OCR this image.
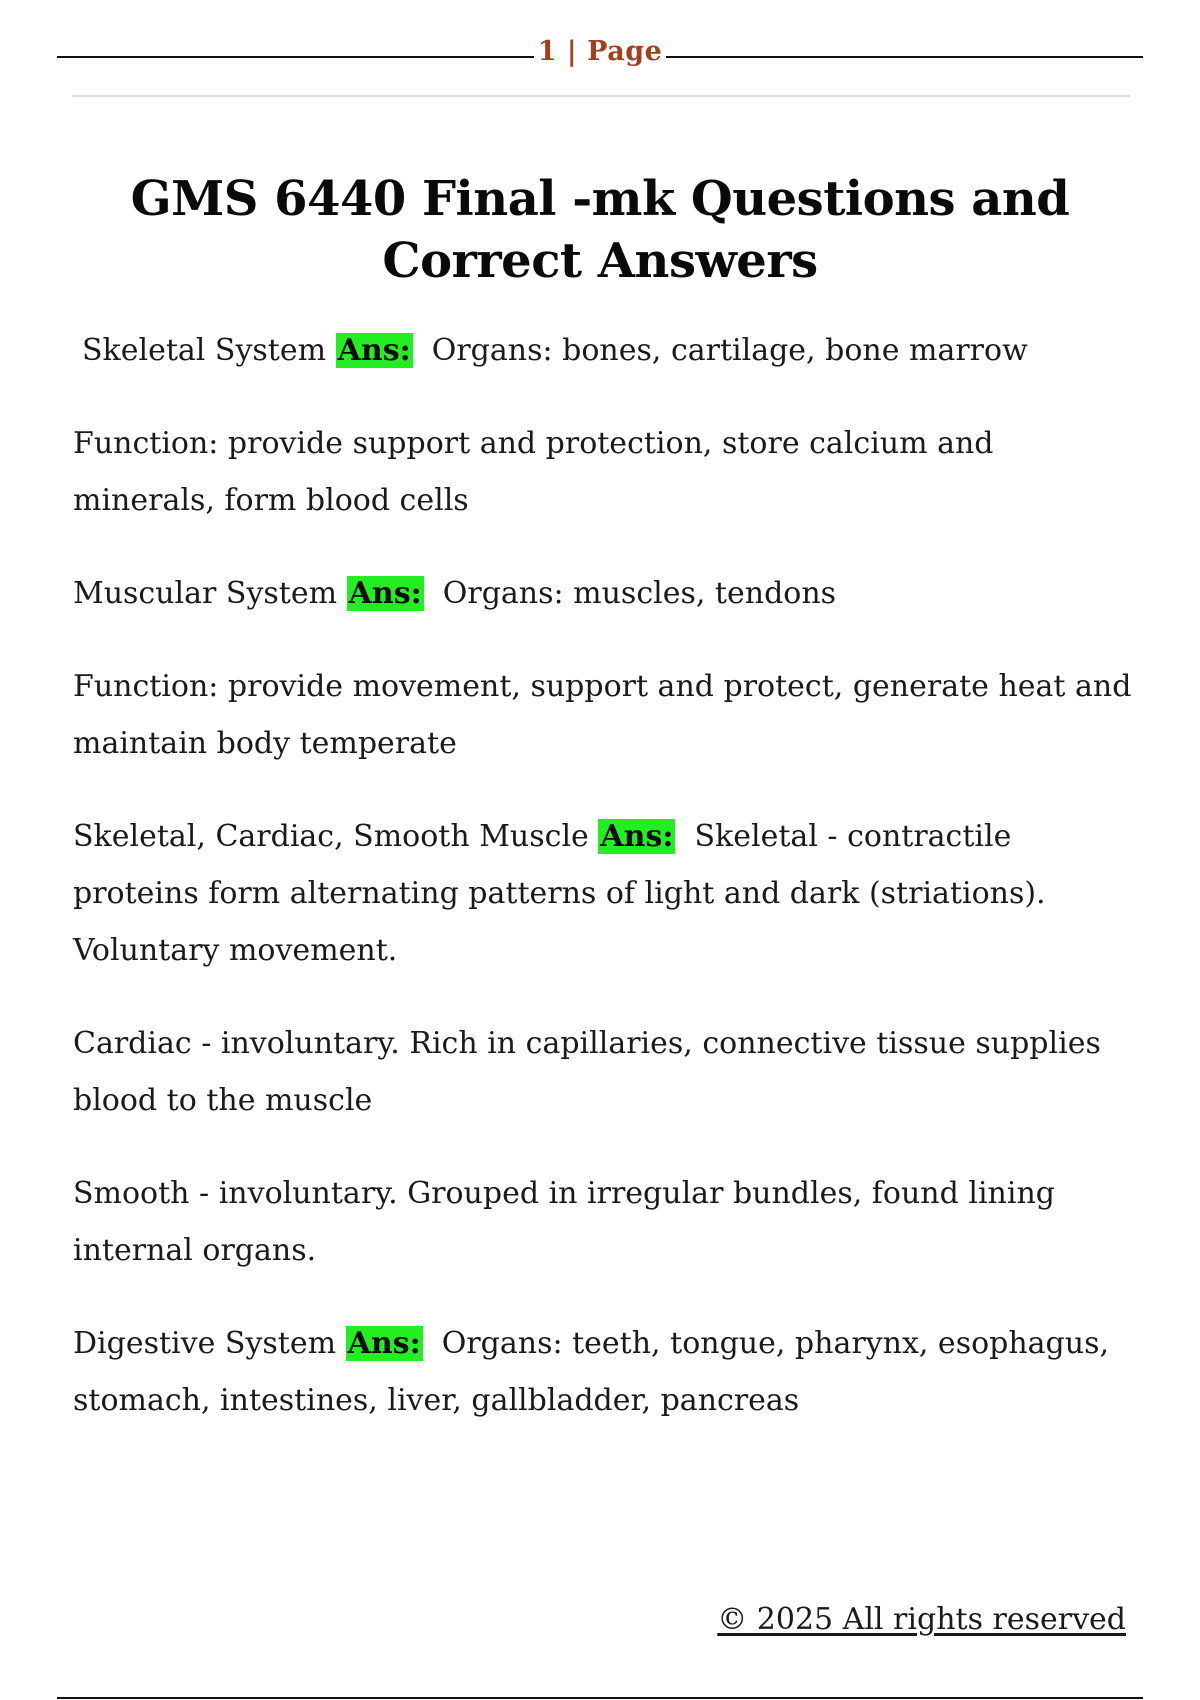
1 | Page
GMS 6440 Final -mk Questions and Correct Answers

Skeletal System Ans: Organs: bones, cartilage, bone marrow

Function: provide support and protection, store calcium and minerals, form blood cells

Muscular System Ans: Organs: muscles, tendons

Function: provide movement, support and protect, generate heat and maintain body temperate

Skeletal, Cardiac, Smooth Muscle Ans: Skeletal - contractile proteins form alternating patterns of light and dark (striations). Voluntary movement.

Cardiac - involuntary. Rich in capillaries, connective tissue supplies blood to the muscle

Smooth - involuntary. Grouped in irregular bundles, found lining internal organs.

Digestive System Ans: Organs: teeth, tongue, pharynx, esophagus, stomach, intestines, liver, gallbladder, pancreas

© 2025 All rights reserved
